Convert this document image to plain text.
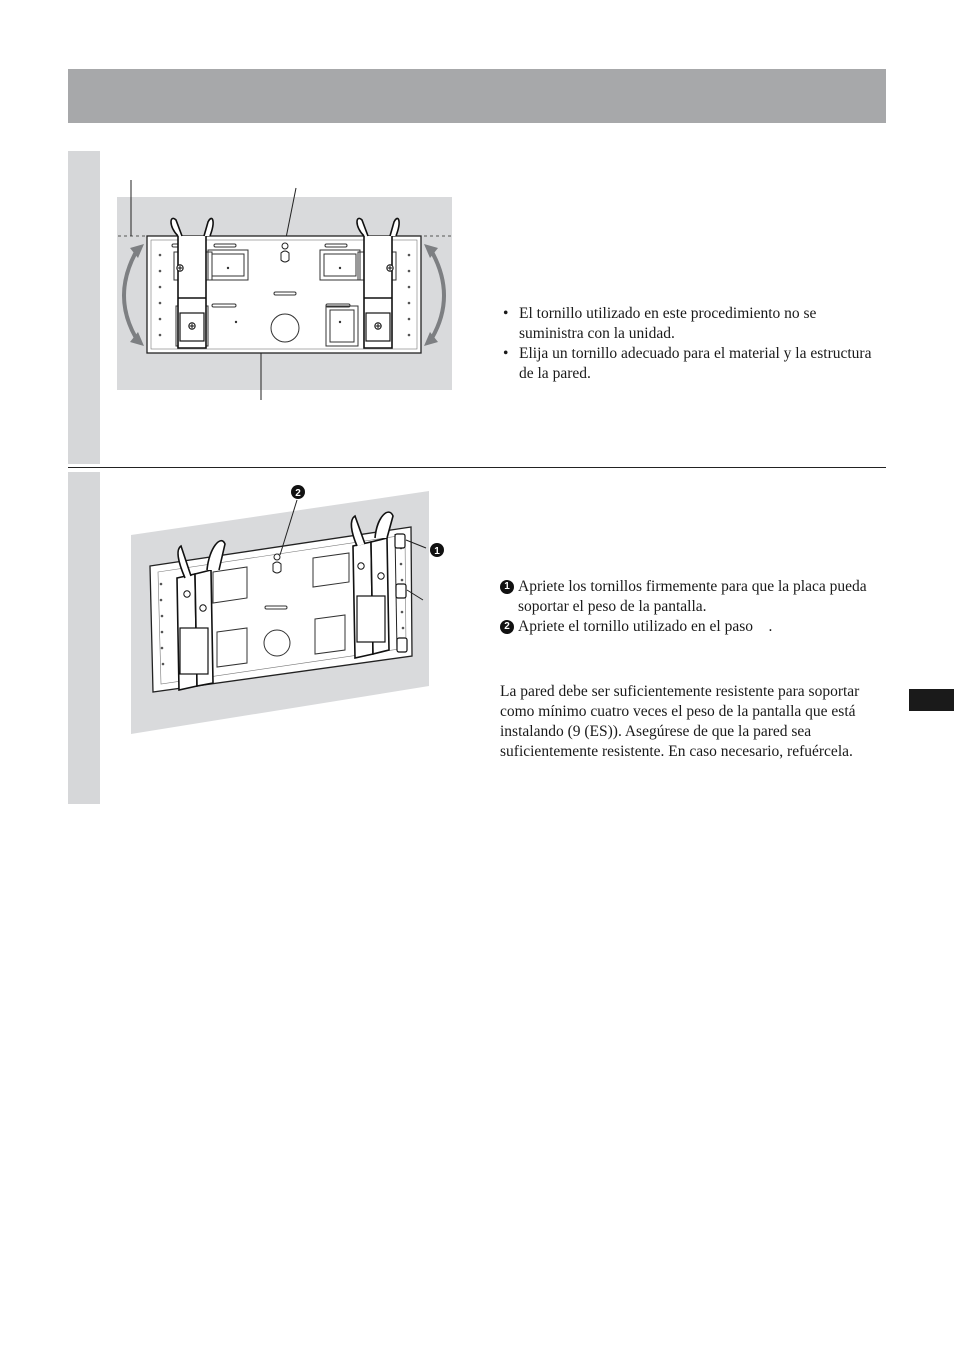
• El tornillo utilizado en este procedimiento no se suministra con la unidad.
• Elija un tornillo adecuado para el material y la estructura de la pared.
2
1
1 Apriete los tornillos firmemente para que la placa pueda soportar el peso de la pantalla.
2 Apriete el tornillo utilizado en el paso .
La pared debe ser suficientemente resistente para soportar como mínimo cuatro veces el peso de la pantalla que está instalando (9 (ES)). Asegúrese de que la pared sea suficientemente resistente. En caso necesario, refuércela.
